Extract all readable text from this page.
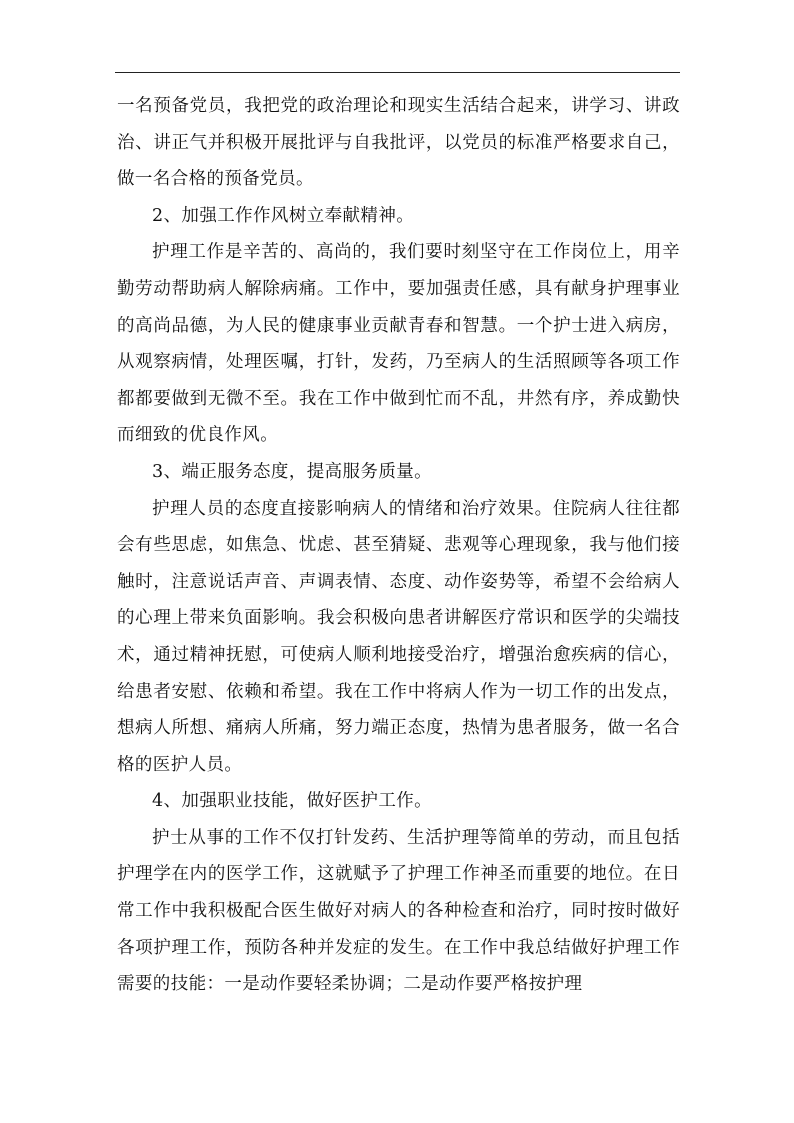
一名预备党员，我把党的政治理论和现实生活结合起来，讲学习、讲政治、讲正气并积极开展批评与自我批评，以党员的标准严格要求自己，做一名合格的预备党员。

2、加强工作作风树立奉献精神。

护理工作是辛苦的、高尚的，我们要时刻坚守在工作岗位上，用辛勤劳动帮助病人解除病痛。工作中，要加强责任感，具有献身护理事业的高尚品德，为人民的健康事业贡献青春和智慧。一个护士进入病房，从观察病情，处理医嘱，打针，发药，乃至病人的生活照顾等各项工作都都要做到无微不至。我在工作中做到忙而不乱，井然有序，养成勤快而细致的优良作风。

3、端正服务态度，提高服务质量。

护理人员的态度直接影响病人的情绪和治疗效果。住院病人往往都会有些思虑，如焦急、忧虑、甚至猜疑、悲观等心理现象，我与他们接触时，注意说话声音、声调表情、态度、动作姿势等，希望不会给病人的心理上带来负面影响。我会积极向患者讲解医疗常识和医学的尖端技术，通过精神抚慰，可使病人顺利地接受治疗，增强治愈疾病的信心，给患者安慰、依赖和希望。我在工作中将病人作为一切工作的出发点，想病人所想、痛病人所痛，努力端正态度，热情为患者服务，做一名合格的医护人员。

4、加强职业技能，做好医护工作。

护士从事的工作不仅打针发药、生活护理等简单的劳动，而且包括护理学在内的医学工作，这就赋予了护理工作神圣而重要的地位。在日常工作中我积极配合医生做好对病人的各种检查和治疗，同时按时做好各项护理工作，预防各种并发症的发生。在工作中我总结做好护理工作需要的技能：一是动作要轻柔协调；二是动作要严格按护理
